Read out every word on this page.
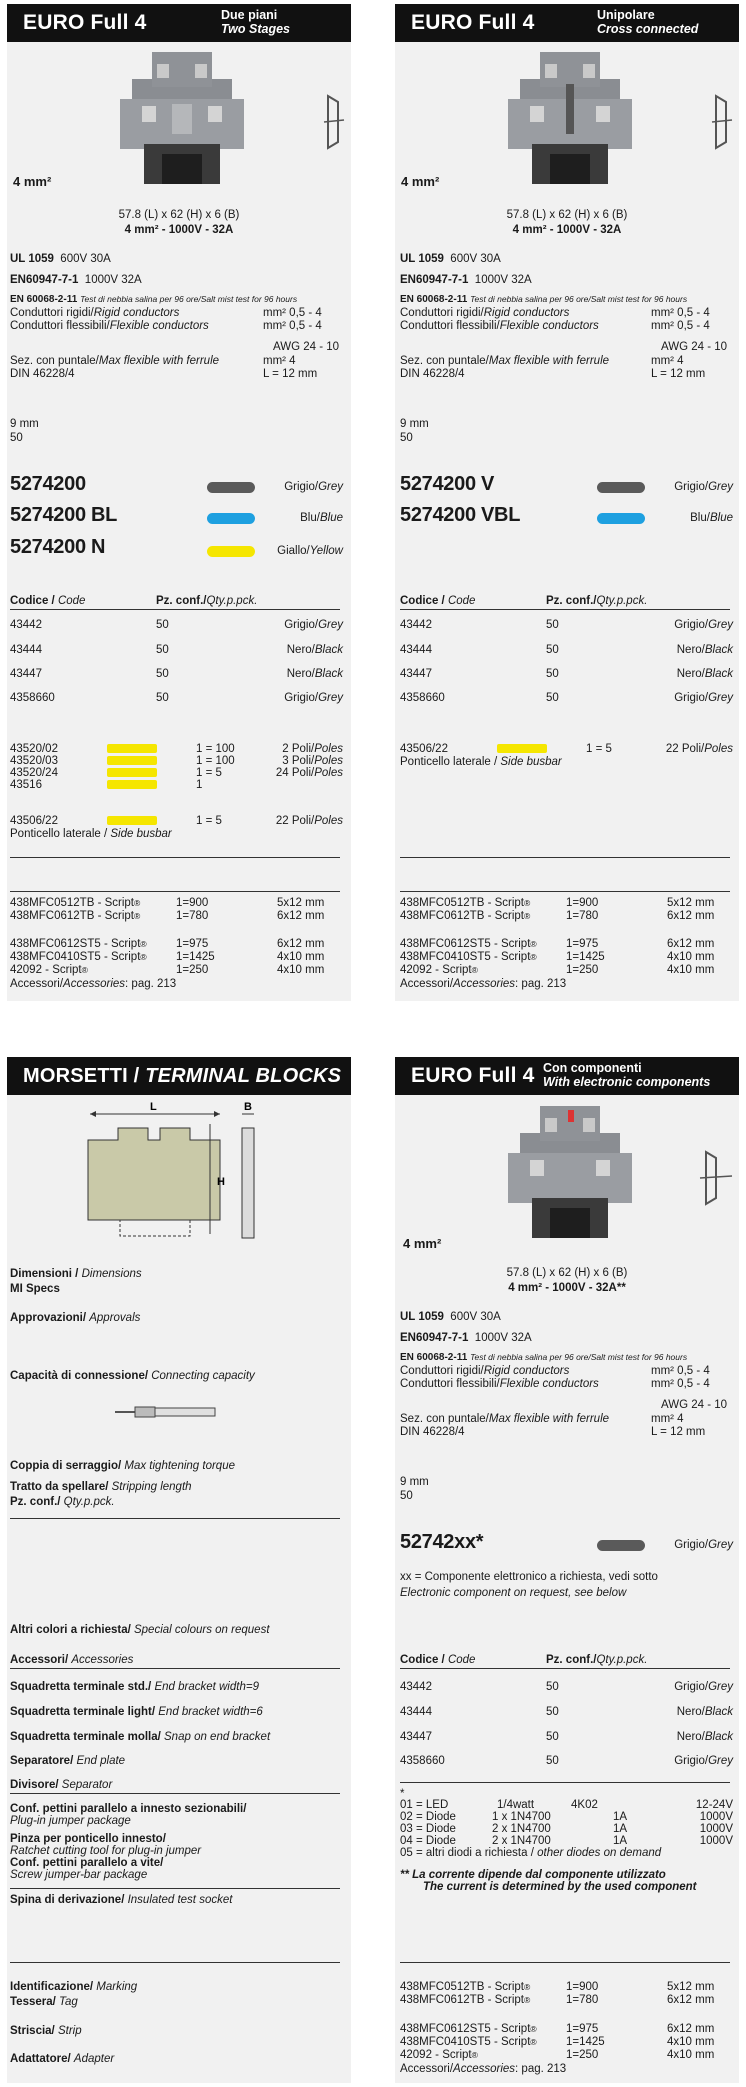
EURO Full 4	Due piani
Two Stages
4 mm²
57.8 (L) x 62 (H) x 6 (B)
4 mm² - 1000V - 32A
UL 1059 600V 30A
EN60947-7-1 1000V 32A
EN 60068-2-11 Test di nebbia salina per 96 ore/Salt mist test for 96 hours
Conduttori rigidi/Rigid conductors	mm² 0,5 - 4
Conduttori flessibili/Flexible conductors	mm² 0,5 - 4
AWG 24 - 10
Sez. con puntale/Max flexible with ferrule	mm² 4
DIN 46228/4	L = 12 mm
9 mm
50
5274200	Grigio/Grey
5274200 BL	Blu/Blue
5274200 N	Giallo/Yellow
Codice / Code	Pz. conf./Qty.p.pck.
43442	50	Grigio/Grey
43444	50	Nero/Black
43447	50	Nero/Black
4358660	50	Grigio/Grey
43520/02	1 = 100	2 Poli/Poles
43520/03	1 = 100	3 Poli/Poles
43520/24	1 = 5	24 Poli/Poles
43516	1
43506/22	1 = 5	22 Poli/Poles
Ponticello laterale / Side busbar
438MFC0512TB - Script®	1=900	5x12 mm
438MFC0612TB - Script®	1=780	6x12 mm
438MFC0612ST5 - Script®	1=975	6x12 mm
438MFC0410ST5 - Script®	1=1425	4x10 mm
42092 - Script®	1=250	4x10 mm
Accessori/Accessories: pag. 213
EURO Full 4	Unipolare
Cross connected
4 mm²
57.8 (L) x 62 (H) x 6 (B)
4 mm² - 1000V - 32A
UL 1059 600V 30A
EN60947-7-1 1000V 32A
EN 60068-2-11 Test di nebbia salina per 96 ore/Salt mist test for 96 hours
Conduttori rigidi/Rigid conductors	mm² 0,5 - 4
Conduttori flessibili/Flexible conductors	mm² 0,5 - 4
AWG 24 - 10
Sez. con puntale/Max flexible with ferrule	mm² 4
DIN 46228/4	L = 12 mm
9 mm
50
5274200 V	Grigio/Grey
5274200 VBL	Blu/Blue
Codice / Code	Pz. conf./Qty.p.pck.
43442	50	Grigio/Grey
43444	50	Nero/Black
43447	50	Nero/Black
4358660	50	Grigio/Grey
43506/22	1 = 5	22 Poli/Poles
Ponticello laterale / Side busbar
438MFC0512TB - Script®	1=900	5x12 mm
438MFC0612TB - Script®	1=780	6x12 mm
438MFC0612ST5 - Script®	1=975	6x12 mm
438MFC0410ST5 - Script®	1=1425	4x10 mm
42092 - Script®	1=250	4x10 mm
Accessori/Accessories: pag. 213
MORSETTI / TERMINAL BLOCKS
L
H
B
Dimensioni / Dimensions
MI Specs
Approvazioni/ Approvals
Capacità di connessione/ Connecting capacity
Coppia di serraggio/ Max tightening torque
Tratto da spellare/ Stripping length
Pz. conf./ Qty.p.pck.
Altri colori a richiesta/ Special colours on request
Accessori/ Accessories
Squadretta terminale std./ End bracket width=9
Squadretta terminale light/ End bracket width=6
Squadretta terminale molla/ Snap on end bracket
Separatore/ End plate
Divisore/ Separator
Conf. pettini parallelo a innesto sezionabili/
Plug-in jumper package
Pinza per ponticello innesto/
Ratchet cutting tool for plug-in jumper
Conf. pettini parallelo a vite/
Screw jumper-bar package
Spina di derivazione/ Insulated test socket
Identificazione/ Marking
Tessera/ Tag
Striscia/ Strip
Adattatore/ Adapter
EURO Full 4 Con componenti
With electronic components
4 mm²
57.8 (L) x 62 (H) x 6 (B)
4 mm² - 1000V - 32A**
UL 1059 600V 30A
EN60947-7-1 1000V 32A
EN 60068-2-11 Test di nebbia salina per 96 ore/Salt mist test for 96 hours
Conduttori rigidi/Rigid conductors	mm² 0,5 - 4
Conduttori flessibili/Flexible conductors	mm² 0,5 - 4
AWG 24 - 10
Sez. con puntale/Max flexible with ferrule	mm² 4
DIN 46228/4	L = 12 mm
9 mm
50
52742xx*	Grigio/Grey
xx = Componente elettronico a richiesta, vedi sotto
Electronic component on request, see below
Codice / Code	Pz. conf./Qty.p.pck.
43442	50	Grigio/Grey
43444	50	Nero/Black
43447	50	Nero/Black
4358660	50	Grigio/Grey
*
01 = LED	1/4watt	4K02	12-24V
02 = Diode	1 x 1N4700	1A	1000V
03 = Diode	2 x 1N4700	1A	1000V
04 = Diode	2 x 1N4700	1A	1000V
05 = altri diodi a richiesta / other diodes on demand
** La corrente dipende dal componente utilizzato
The current is determined by the used component
438MFC0512TB - Script®	1=900	5x12 mm
438MFC0612TB - Script®	1=780	6x12 mm
438MFC0612ST5 - Script®	1=975	6x12 mm
438MFC0410ST5 - Script®	1=1425	4x10 mm
42092 - Script®	1=250	4x10 mm
Accessori/Accessories: pag. 213
